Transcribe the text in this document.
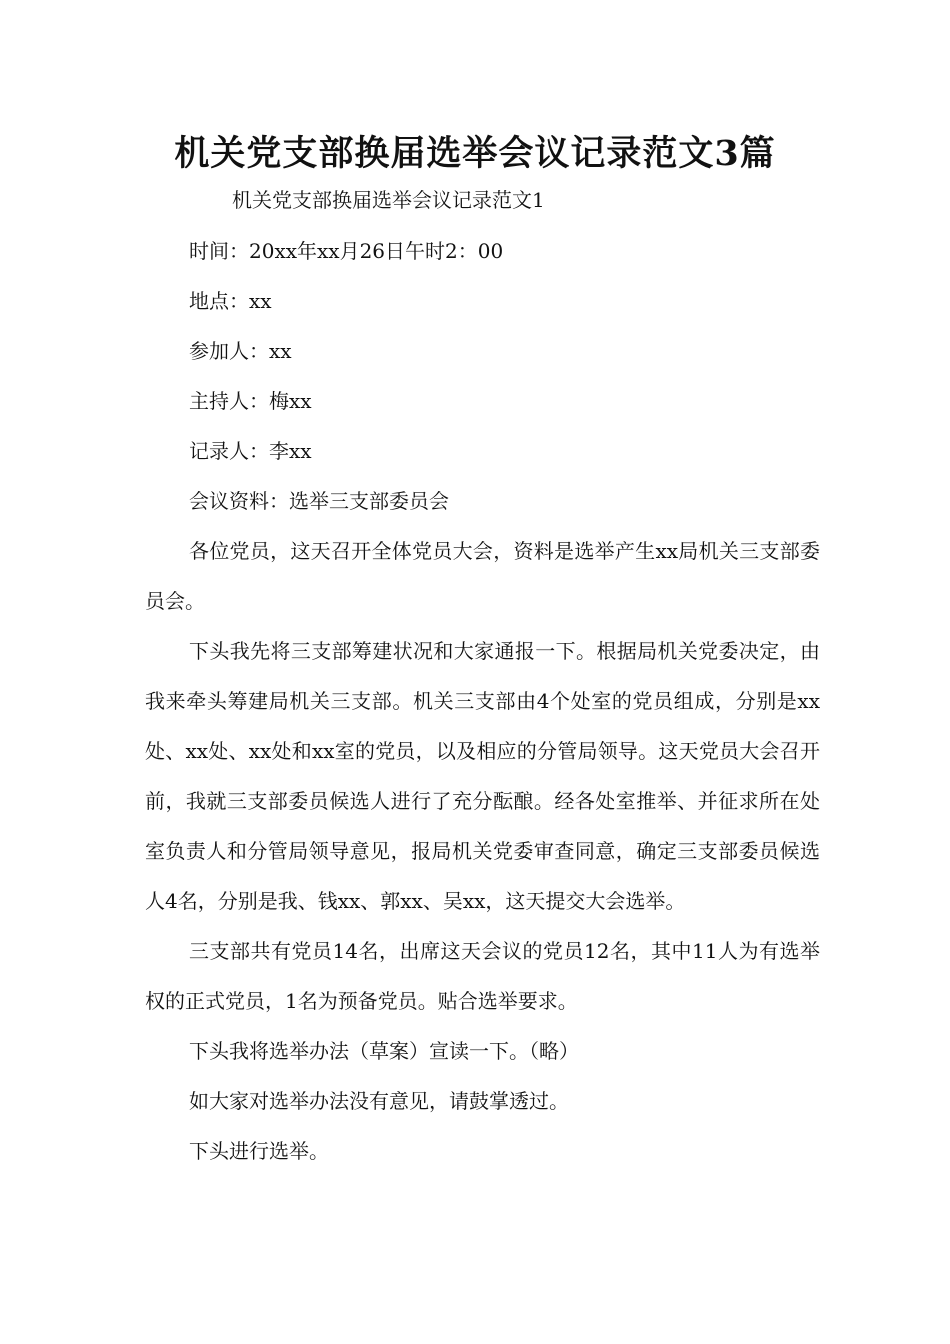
机关党支部换届选举会议记录范文3篇

机关党支部换届选举会议记录范文1

时间：20xx年xx月26日午时2：00

地点：xx

参加人：xx

主持人：梅xx

记录人：李xx

会议资料：选举三支部委员会

各位党员，这天召开全体党员大会，资料是选举产生xx局机关三支部委员会。

下头我先将三支部筹建状况和大家通报一下。根据局机关党委决定，由我来牵头筹建局机关三支部。机关三支部由4个处室的党员组成，分别是xx处、xx处、xx处和xx室的党员，以及相应的分管局领导。这天党员大会召开前，我就三支部委员候选人进行了充分酝酿。经各处室推举、并征求所在处室负责人和分管局领导意见，报局机关党委审查同意，确定三支部委员候选人4名，分别是我、钱xx、郭xx、吴xx，这天提交大会选举。

三支部共有党员14名，出席这天会议的党员12名，其中11人为有选举权的正式党员，1名为预备党员。贴合选举要求。

下头我将选举办法（草案）宣读一下。（略）

如大家对选举办法没有意见，请鼓掌透过。

下头进行选举。
